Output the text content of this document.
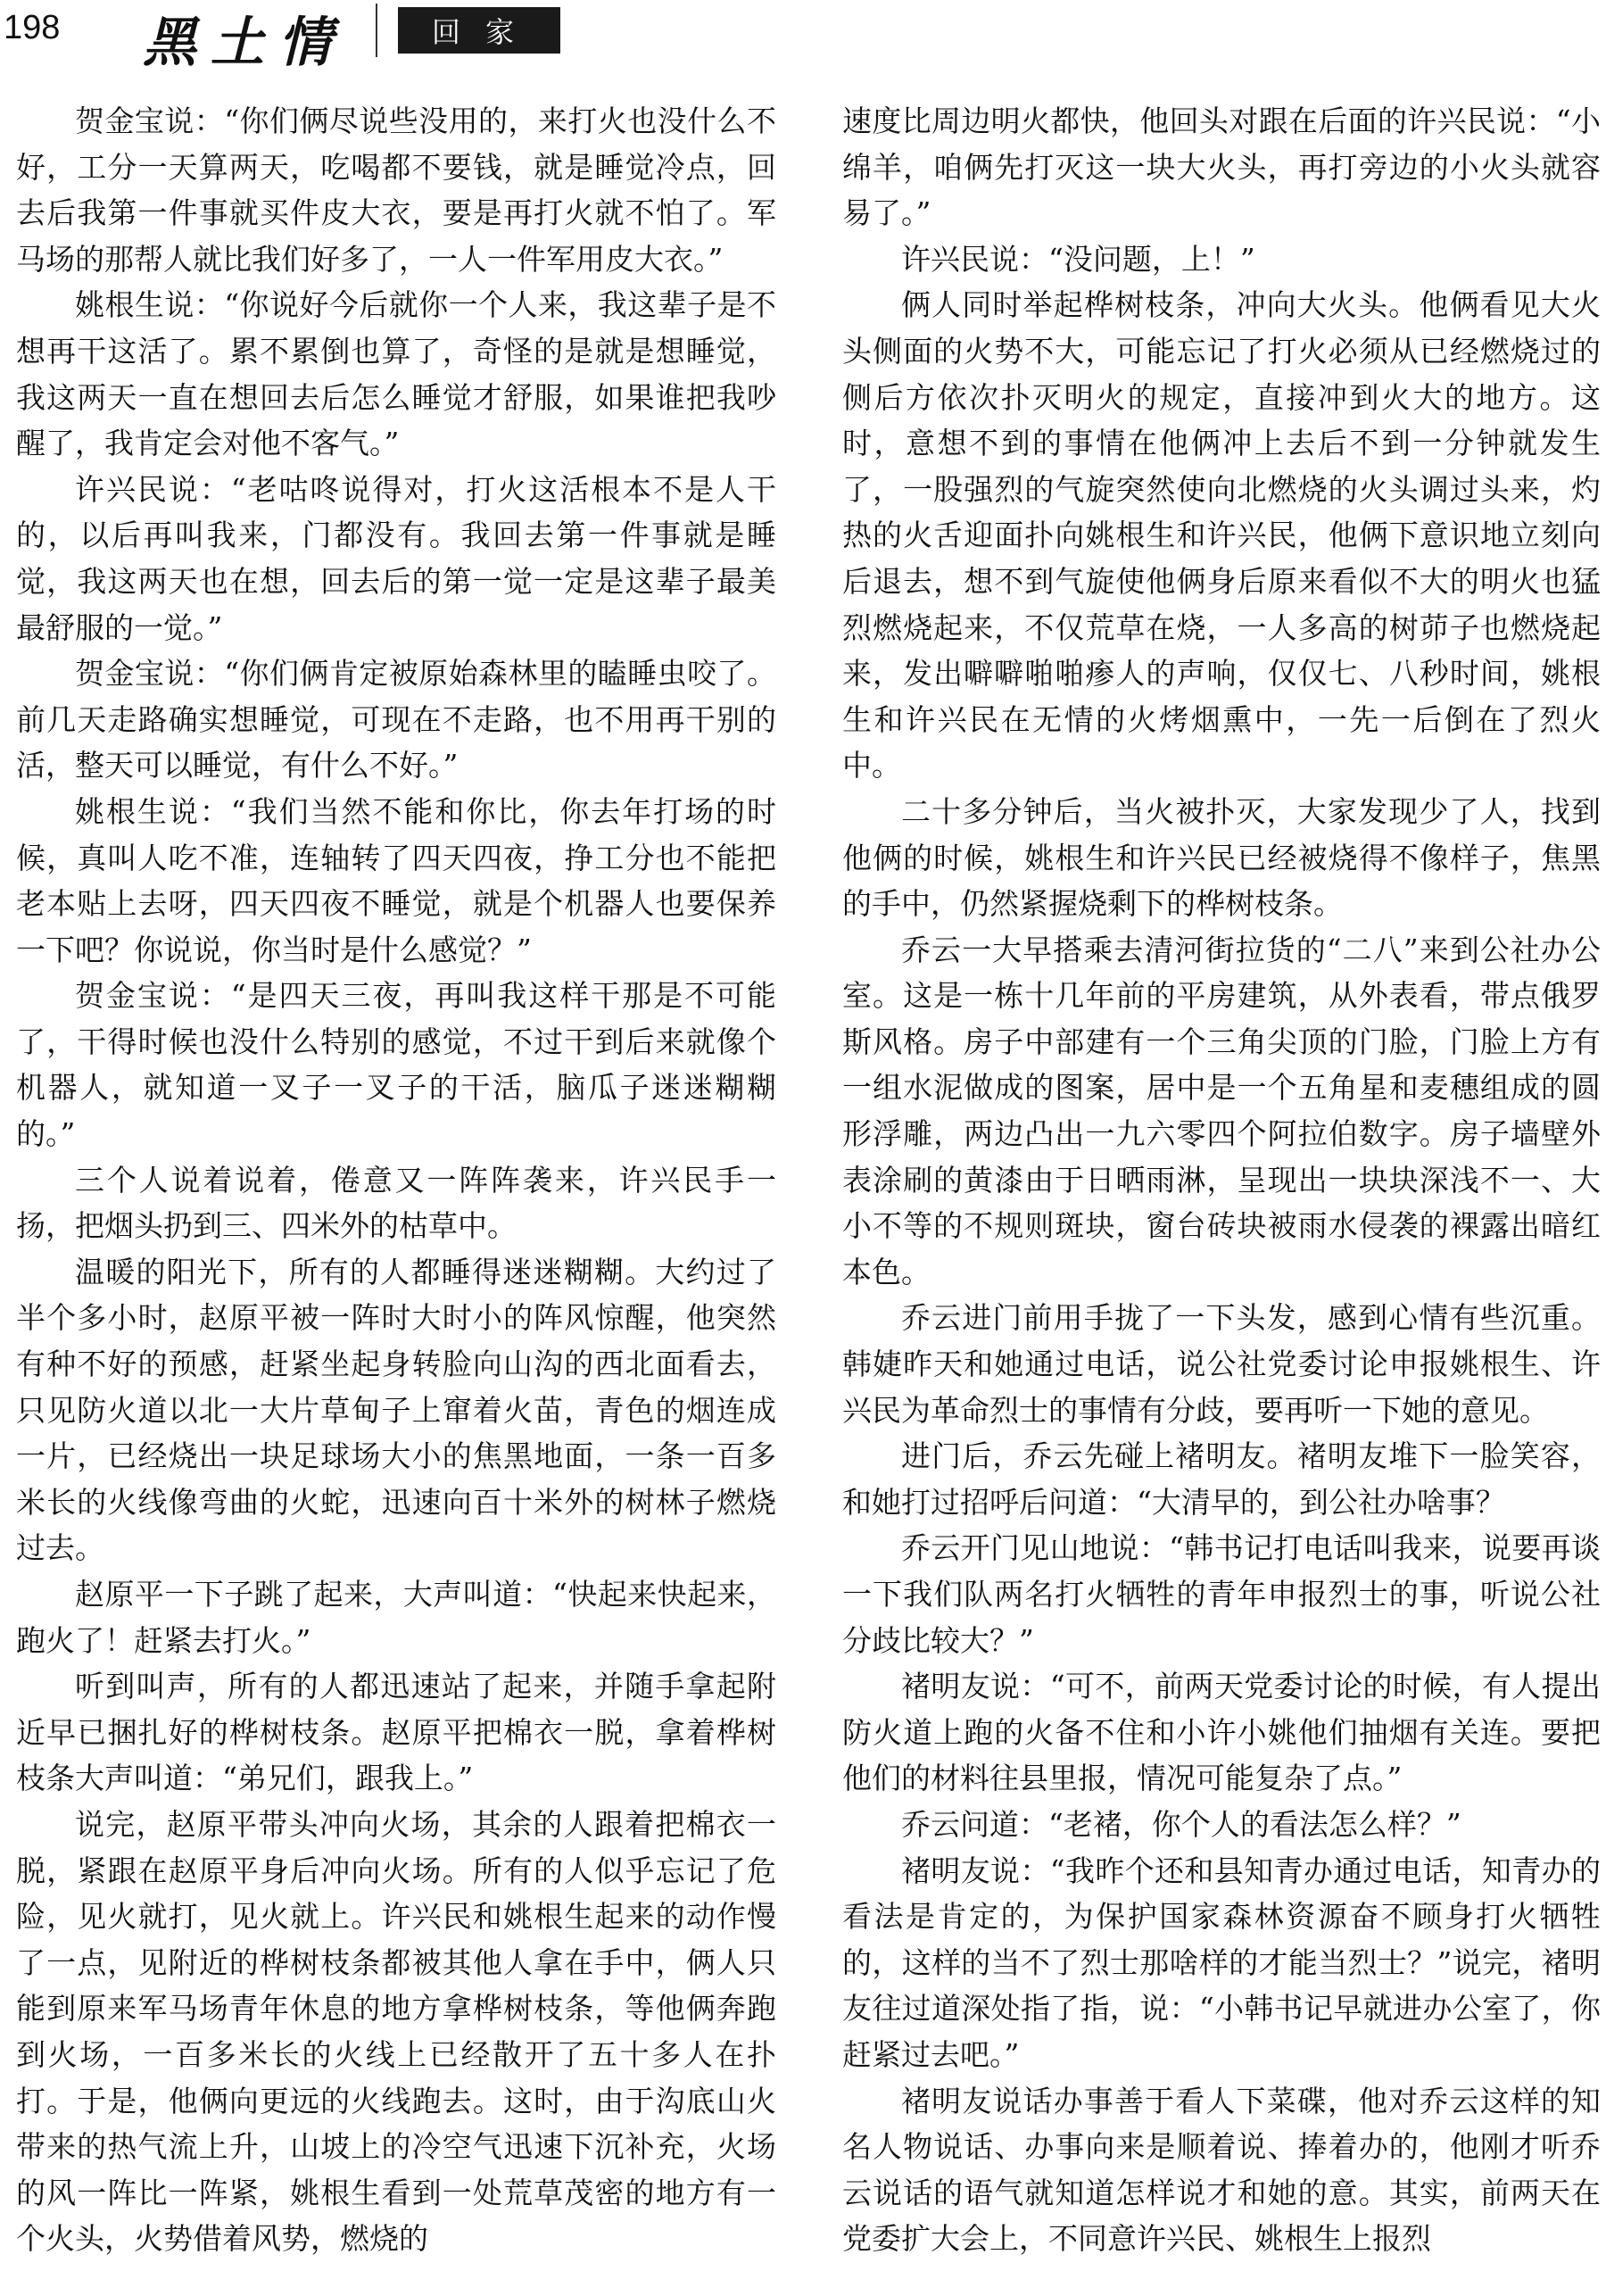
198 黑土情	回家

贺金宝说：“你们俩尽说些没用的，来打火也没什么不好，工分一天算两天，吃喝都不要钱，就是睡觉冷点，回去后我第一件事就买件皮大衣，要是再打火就不怕了。军马场的那帮人就比我们好多了，一人一件军用皮大衣。”

姚根生说：“你说好今后就你一个人来，我这辈子是不想再干这活了。累不累倒也算了，奇怪的是就是想睡觉，我这两天一直在想回去后怎么睡觉才舒服，如果谁把我吵醒了，我肯定会对他不客气。”

许兴民说：“老咕咚说得对，打火这活根本不是人干的，以后再叫我来，门都没有。我回去第一件事就是睡觉，我这两天也在想，回去后的第一觉一定是这辈子最美最舒服的一觉。”

贺金宝说：“你们俩肯定被原始森林里的瞌睡虫咬了。前几天走路确实想睡觉，可现在不走路，也不用再干别的活，整天可以睡觉，有什么不好。”

姚根生说：“我们当然不能和你比，你去年打场的时候，真叫人吃不准，连轴转了四天四夜，挣工分也不能把老本贴上去呀，四天四夜不睡觉，就是个机器人也要保养一下吧？你说说，你当时是什么感觉？”

贺金宝说：“是四天三夜，再叫我这样干那是不可能了，干得时候也没什么特别的感觉，不过干到后来就像个机器人，就知道一叉子一叉子的干活，脑瓜子迷迷糊糊的。”

三个人说着说着，倦意又一阵阵袭来，许兴民手一扬，把烟头扔到三、四米外的枯草中。

温暖的阳光下，所有的人都睡得迷迷糊糊。大约过了半个多小时，赵原平被一阵时大时小的阵风惊醒，他突然有种不好的预感，赶紧坐起身转脸向山沟的西北面看去，只见防火道以北一大片草甸子上窜着火苗，青色的烟连成一片，已经烧出一块足球场大小的焦黑地面，一条一百多米长的火线像弯曲的火蛇，迅速向百十米外的树林子燃烧过去。

赵原平一下子跳了起来，大声叫道：“快起来快起来，跑火了！赶紧去打火。”

听到叫声，所有的人都迅速站了起来，并随手拿起附近早已捆扎好的桦树枝条。赵原平把棉衣一脱，拿着桦树枝条大声叫道：“弟兄们，跟我上。”

说完，赵原平带头冲向火场，其余的人跟着把棉衣一脱，紧跟在赵原平身后冲向火场。所有的人似乎忘记了危险，见火就打，见火就上。许兴民和姚根生起来的动作慢了一点，见附近的桦树枝条都被其他人拿在手中，俩人只能到原来军马场青年休息的地方拿桦树枝条，等他俩奔跑到火场，一百多米长的火线上已经散开了五十多人在扑打。于是，他俩向更远的火线跑去。这时，由于沟底山火带来的热气流上升，山坡上的冷空气迅速下沉补充，火场的风一阵比一阵紧，姚根生看到一处荒草茂密的地方有一个火头，火势借着风势，燃烧的

速度比周边明火都快，他回头对跟在后面的许兴民说：“小绵羊，咱俩先打灭这一块大火头，再打旁边的小火头就容易了。”

许兴民说：“没问题，上！”

俩人同时举起桦树枝条，冲向大火头。他俩看见大火头侧面的火势不大，可能忘记了打火必须从已经燃烧过的侧后方依次扑灭明火的规定，直接冲到火大的地方。这时，意想不到的事情在他俩冲上去后不到一分钟就发生了，一股强烈的气旋突然使向北燃烧的火头调过头来，灼热的火舌迎面扑向姚根生和许兴民，他俩下意识地立刻向后退去，想不到气旋使他俩身后原来看似不大的明火也猛烈燃烧起来，不仅荒草在烧，一人多高的树茆子也燃烧起来，发出噼噼啪啪瘆人的声响，仅仅七、八秒时间，姚根生和许兴民在无情的火烤烟熏中，一先一后倒在了烈火中。

二十多分钟后，当火被扑灭，大家发现少了人，找到他俩的时候，姚根生和许兴民已经被烧得不像样子，焦黑的手中，仍然紧握烧剩下的桦树枝条。

乔云一大早搭乘去清河街拉货的“二八”来到公社办公室。这是一栋十几年前的平房建筑，从外表看，带点俄罗斯风格。房子中部建有一个三角尖顶的门脸，门脸上方有一组水泥做成的图案，居中是一个五角星和麦穗组成的圆形浮雕，两边凸出一九六零四个阿拉伯数字。房子墙壁外表涂刷的黄漆由于日晒雨淋，呈现出一块块深浅不一、大小不等的不规则斑块，窗台砖块被雨水侵袭的裸露出暗红本色。

乔云进门前用手拢了一下头发，感到心情有些沉重。韩婕昨天和她通过电话，说公社党委讨论申报姚根生、许兴民为革命烈士的事情有分歧，要再听一下她的意见。

进门后，乔云先碰上褚明友。褚明友堆下一脸笑容，和她打过招呼后问道：“大清早的，到公社办啥事？

乔云开门见山地说：“韩书记打电话叫我来，说要再谈一下我们队两名打火牺牲的青年申报烈士的事，听说公社分歧比较大？”

褚明友说：“可不，前两天党委讨论的时候，有人提出防火道上跑的火备不住和小许小姚他们抽烟有关连。要把他们的材料往县里报，情况可能复杂了点。”

乔云问道：“老褚，你个人的看法怎么样？”

褚明友说：“我昨个还和县知青办通过电话，知青办的看法是肯定的，为保护国家森林资源奋不顾身打火牺牲的，这样的当不了烈士那啥样的才能当烈士？”说完，褚明友往过道深处指了指，说：“小韩书记早就进办公室了，你赶紧过去吧。”

褚明友说话办事善于看人下菜碟，他对乔云这样的知名人物说话、办事向来是顺着说、捧着办的，他刚才听乔云说话的语气就知道怎样说才和她的意。其实，前两天在党委扩大会上，不同意许兴民、姚根生上报烈
